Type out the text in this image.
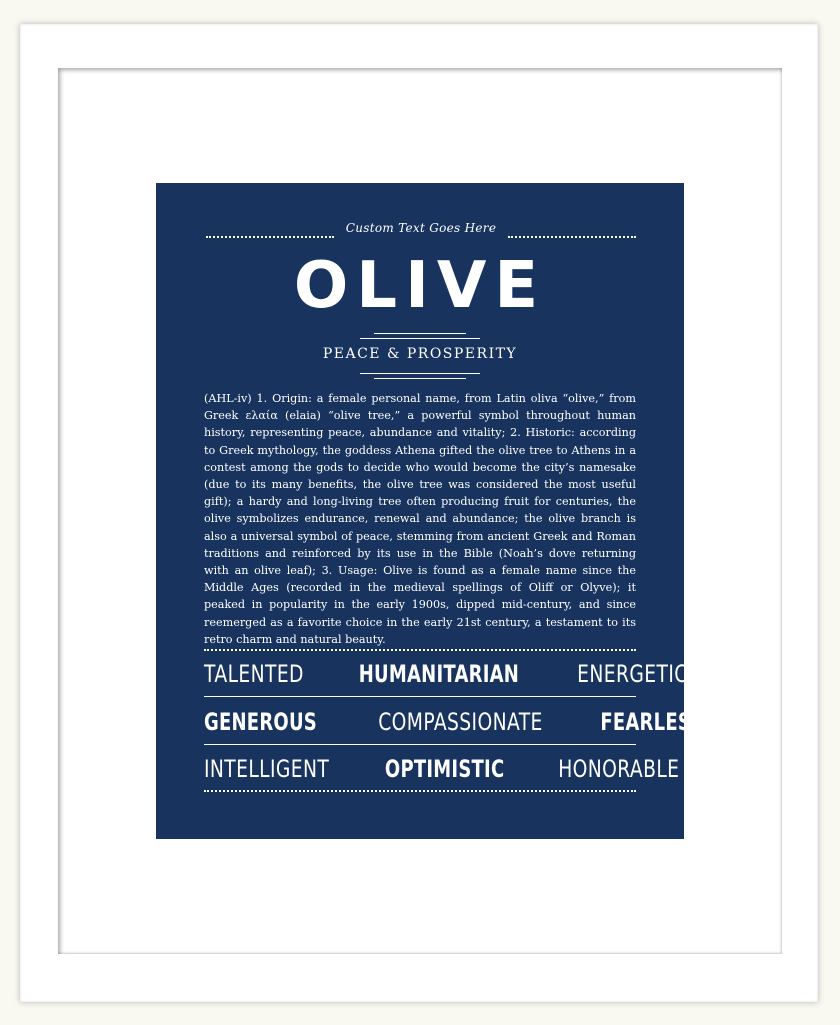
Custom Text Goes Here
OLIVE
PEACE & PROSPERITY
(AHL-iv) 1. Origin: a female personal name, from Latin oliva “olive,” from Greek ελαία (elaia) “olive tree,” a powerful symbol throughout human history, representing peace, abundance and vitality; 2. Historic: according to Greek mythology, the goddess Athena gifted the olive tree to Athens in a contest among the gods to decide who would become the city’s namesake (due to its many benefits, the olive tree was considered the most useful gift); a hardy and long-living tree often producing fruit for centuries, the olive symbolizes endurance, renewal and abundance; the olive branch is also a universal symbol of peace, stemming from ancient Greek and Roman traditions and reinforced by its use in the Bible (Noah’s dove returning with an olive leaf); 3. Usage: Olive is found as a female name since the Middle Ages (recorded in the medieval spellings of Oliff or Olyve); it peaked in popularity in the early 1900s, dipped mid-century, and since reemerged as a favorite choice in the early 21st century, a testament to its retro charm and natural beauty.
TALENTED HUMANITARIAN ENERGETIC
GENEROUS	COMPASSIONATE FEARLESS
INTELLIGENT OPTIMISTIC HONORABLE
